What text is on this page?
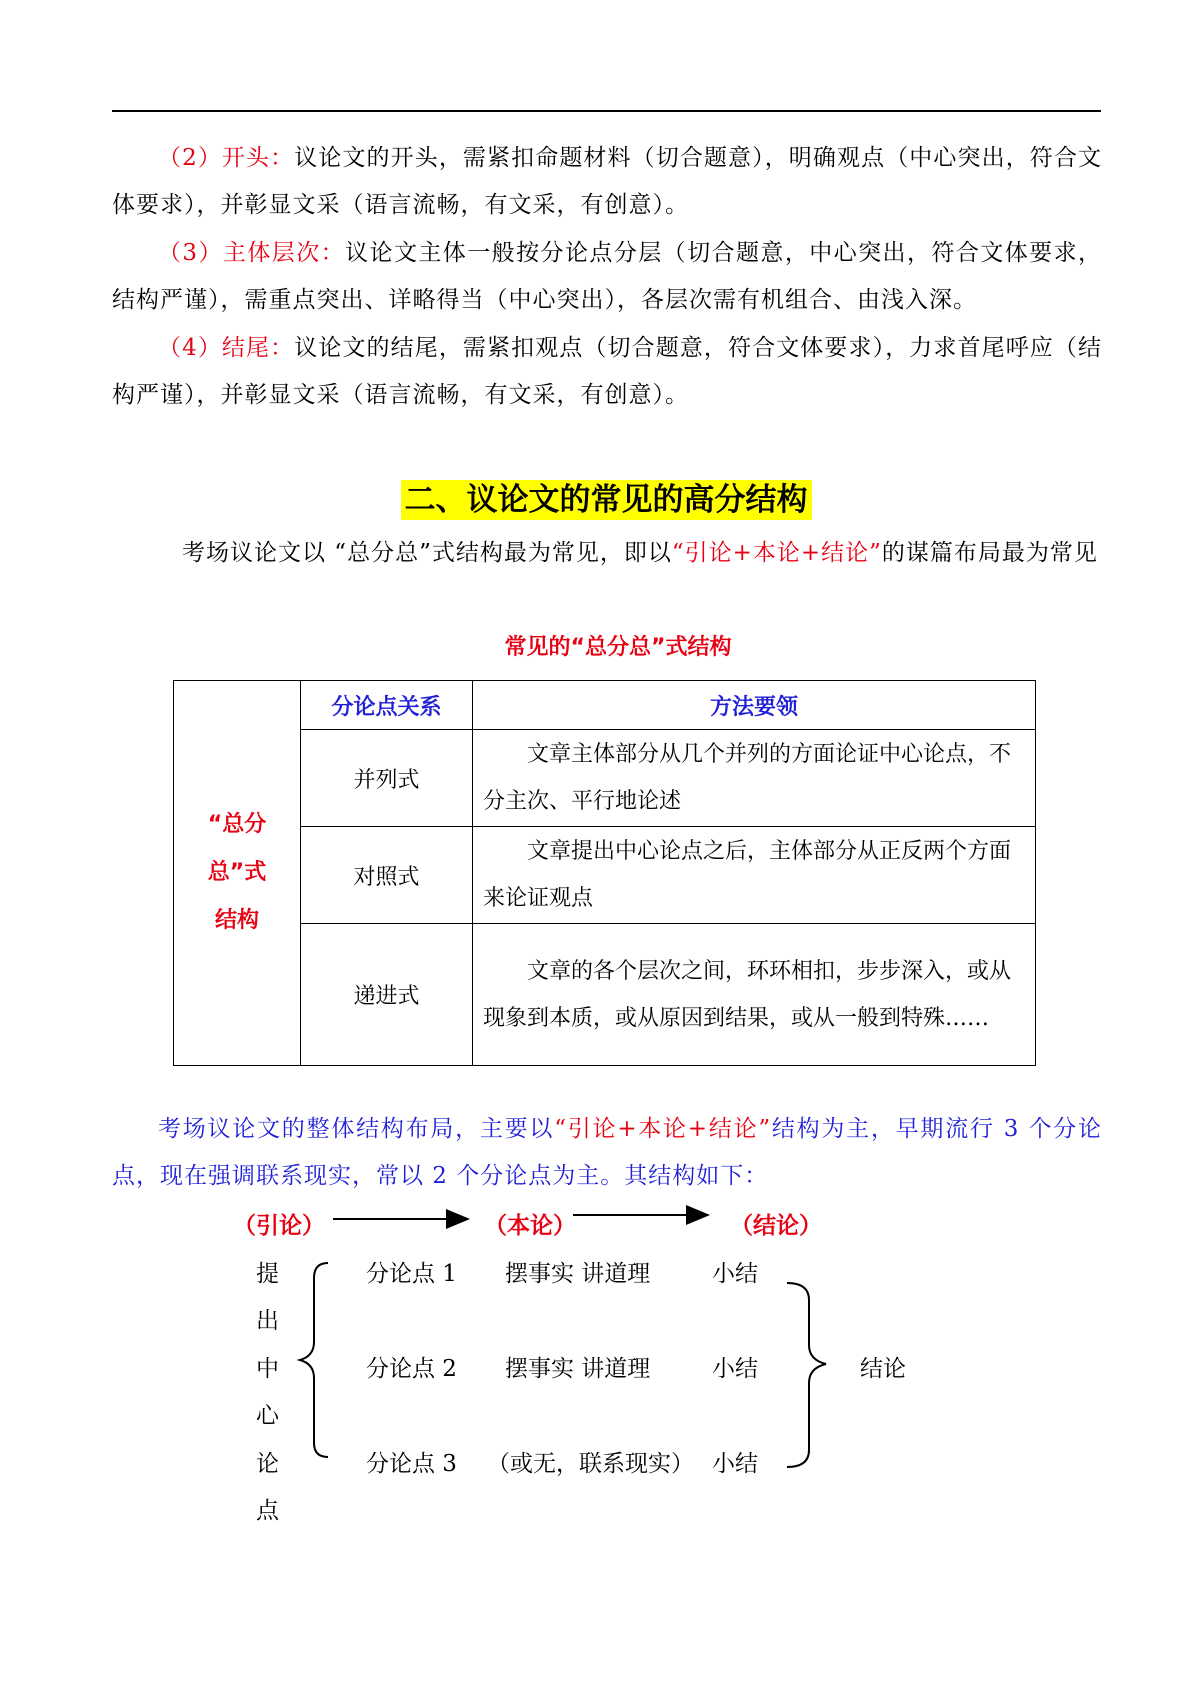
（2）开头：议论文的开头，需紧扣命题材料（切合题意），明确观点（中心突出，符合文体要求），并彰显文采（语言流畅，有文采，有创意）。

（3）主体层次：议论文主体一般按分论点分层（切合题意，中心突出，符合文体要求，结构严谨），需重点突出、详略得当（中心突出），各层次需有机组合、由浅入深。

（4）结尾：议论文的结尾，需紧扣观点（切合题意，符合文体要求），力求首尾呼应（结构严谨），并彰显文采（语言流畅，有文采，有创意）。

二、议论文的常见的高分结构

考场议论文以 “总分总”式结构最为常见，即以“引论+本论+结论”的谋篇布局最为常见

常见的“总分总”式结构
“总分总”式结构	分论点关系	方法要领
	并列式	文章主体部分从几个并列的方面论证中心论点，不分主次、平行地论述
	对照式	文章提出中心论点之后，主体部分从正反两个方面来论证观点
	递进式	文章的各个层次之间，环环相扣，步步深入，或从现象到本质，或从原因到结果，或从一般到特殊……

考场议论文的整体结构布局，主要以“引论+本论+结论”结构为主，早期流行 3 个分论点，现在强调联系现实，常以 2 个分论点为主。其结构如下：

（引论）	（本论）	（结论）
提
出
中
心
论
点
分论点 1
分论点 2
分论点 3
摆事实 讲道理
摆事实 讲道理
（或无，联系现实）
小结
小结
小结
结论
